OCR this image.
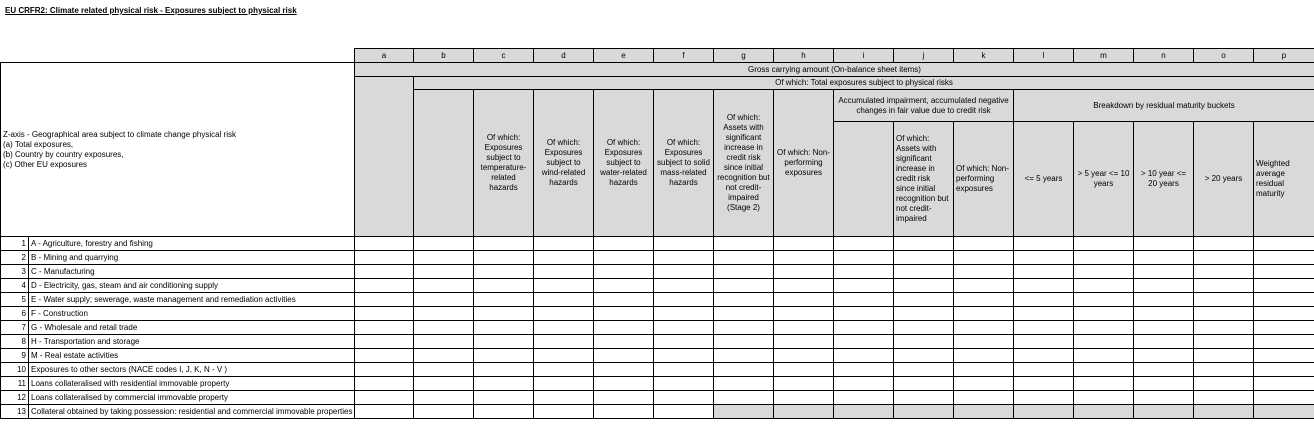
EU CRFR2: Climate related physical risk - Exposures subject to physical risk
		a	b	c	d	e	f	g	h	i	j	k	l	m	n	o	p

Z-axis - Geographical area subject to climate change physical risk
(a) Total exposures,
(b) Country by country exposures,
(c) Other EU exposures		Gross carrying amount (On-balance sheet items)															
			Of which: Total exposures subject to physical risks														
				Of which: Exposures subject to temperature-related hazards	Of which: Exposures subject to wind-related hazards	Of which: Exposures subject to water-related hazards	Of which: Exposures subject to solid mass-related hazards	Of which: Assets with significant increase in credit risk since initial recognition but not credit-impaired (Stage 2)	Of which: Non-performing exposures	Accumulated impairment, accumulated negative changes in fair value due to credit risk			Breakdown by residual maturity buckets				
											Of which: Assets with significant increase in credit risk since initial recognition but not credit-impaired	Of which: Non-performing exposures	<= 5 years	> 5 year <= 10 years	> 10 year <= 20 years	> 20 years	Weighted average residual maturity
1	A - Agriculture, forestry and fishing																
2	B - Mining and quarrying																
3	C - Manufacturing																
4	D - Electricity, gas, steam and air conditioning supply																
5	E - Water supply; sewerage, waste management and remediation activities																
6	F - Construction																
7	G - Wholesale and retail trade																
8	H - Transportation and storage																
9	M - Real estate activities																
10	Exposures to other sectors (NACE codes I, J, K, N - V )																
11	Loans collateralised with residential immovable property																
12	Loans collateralised by commercial immovable property																
13	Collateral obtained by taking possession: residential and commercial immovable properties																
